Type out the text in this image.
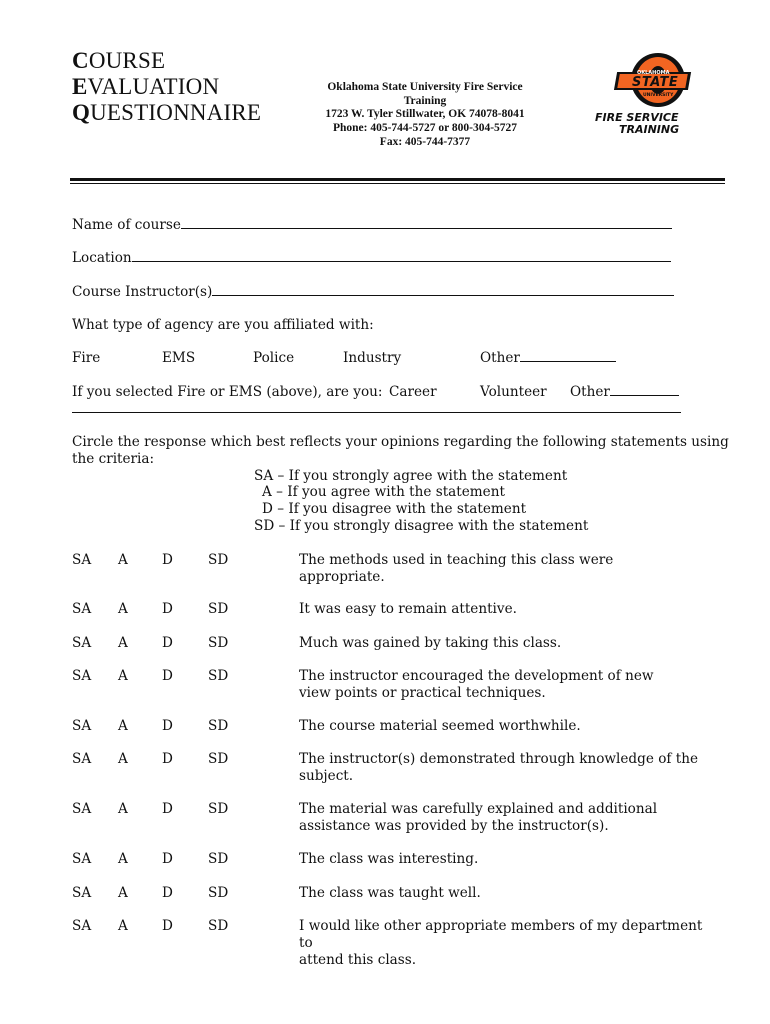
COURSE
EVALUATION
QUESTIONNAIRE
Oklahoma State University Fire Service
Training
1723 W. Tyler Stillwater, OK 74078-8041
Phone: 405-744-5727 or 800-304-5727
Fax: 405-744-7377
OKLAHOMA
STATE
UNIVERSITY
FIRE SERVICE
TRAINING
Name of course
Location
Course Instructor(s)
What type of agency are you affiliated with:
Fire	EMS	Police	Industry	Other
If you selected Fire or EMS (above), are you: Career	Volunteer Other
Circle the response which best reflects your opinions regarding the following statements using
the criteria:
SA – If you strongly agree with the statement
A – If you agree with the statement
D – If you disagree with the statement
SD – If you strongly disagree with the statement
SA A	D	SD	The methods used in teaching this class were
appropriate.
SA A	D	SD	It was easy to remain attentive.
SA A	D	SD	Much was gained by taking this class.
SA A	D	SD	The instructor encouraged the development of new
view points or practical techniques.
SA A	D	SD	The course material seemed worthwhile.
SA A	D	SD	The instructor(s) demonstrated through knowledge of the
subject.
SA A	D	SD	The material was carefully explained and additional
assistance was provided by the instructor(s).
SA A	D	SD	The class was interesting.
SA A	D	SD	The class was taught well.
SA A	D	SD	I would like other appropriate members of my department to
attend this class.
